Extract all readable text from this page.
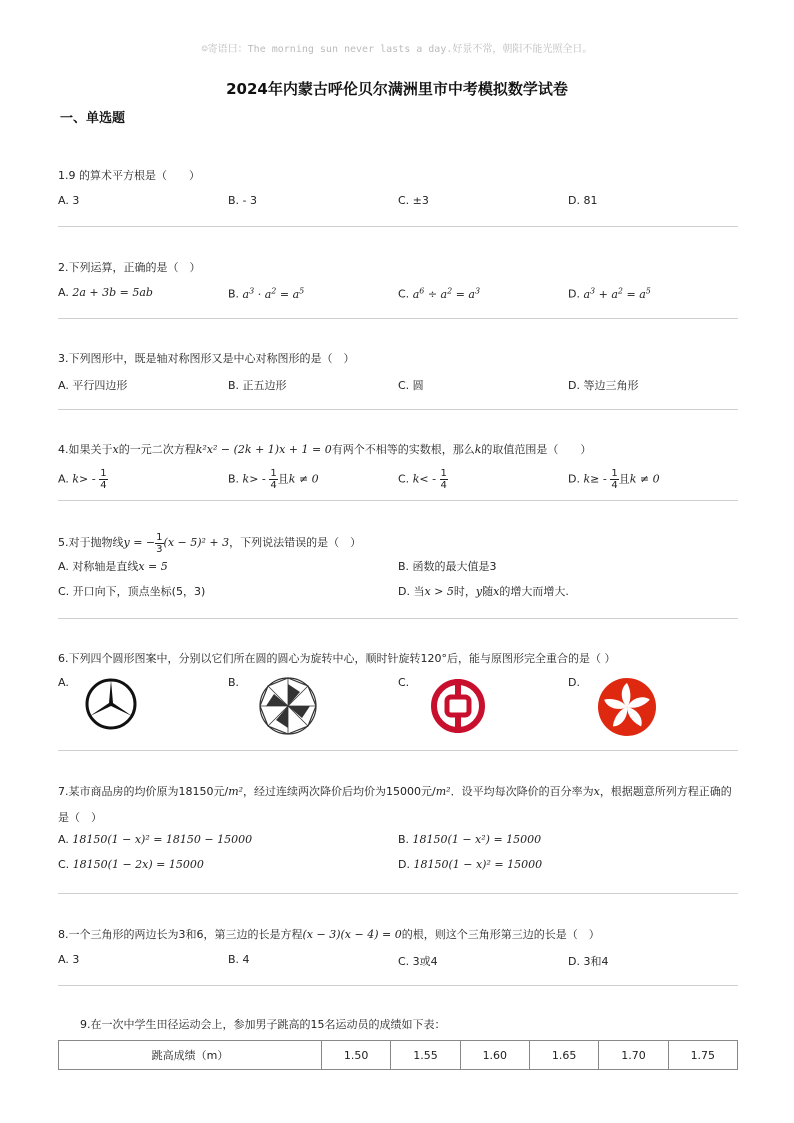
☺寄语曰：The morning sun never lasts a day.好景不常，朝阳不能光照全日。
2024年内蒙古呼伦贝尔满洲里市中考模拟数学试卷
一、单选题
1.9 的算术平方根是（　　）
A. 3	B. - 3	C. ±3	D. 81
2.下列运算，正确的是（　）
A. 2a + 3b = 5ab	B. $a^3 \cdot a^2 = a^5$	C. $a^6 \div a^2 = a^3$	D. $a^3 + a^2 = a^5$
3.下列图形中，既是轴对称图形又是中心对称图形的是（　）
A. 平行四边形	B. 正五边形	C. 圆	D. 等边三角形
4.如果关于x的一元二次方程k²x² − (2k + 1)x + 1 = 0有两个不相等的实数根，那么k的取值范围是（　　）
A. $k> - \frac{1}{4}$	B. $k> - \frac{1}{4}$ 且k ≠ 0	C. $k< - \frac{1}{4}$	D. $k\ge - \frac{1}{4}$ 且k ≠ 0
5.对于抛物线y = − $\frac{1}{3} (x - 5)^2 + 3$，下列说法错误的是（　）
A. 对称轴是直线x = 5	B. 函数的最大值是3
C. 开口向下，顶点坐标(5，3)	D. 当x > 5时，y随x的增大而增大.
6.下列四个圆形图案中，分别以它们所在圆的圆心为旋转中心，顺时针旋转120°后，能与原图形完全重合的是（ ）
A.	B.	C.	D.
7.某市商品房的均价原为18150元/m²，经过连续两次降价后均价为15000元/m²．设平均每次降价的百分率为x，根据题意所列方程正确的
是（　）
A. 18150(1 − x)² = 18150 − 15000	B. 18150(1 − x²) = 15000
C. 18150(1 − 2x) = 15000	D. 18150(1 − x)² = 15000
8.一个三角形的两边长为3和6，第三边的长是方程(x − 3)(x − 4) = 0的根，则这个三角形第三边的长是（　）
A. 3	B. 4	C. 3或4	D. 3和4
9.在一次中学生田径运动会上，参加男子跳高的15名运动员的成绩如下表：
跳高成绩（m）	1.50	1.55	1.60	1.65	1.70	1.75
